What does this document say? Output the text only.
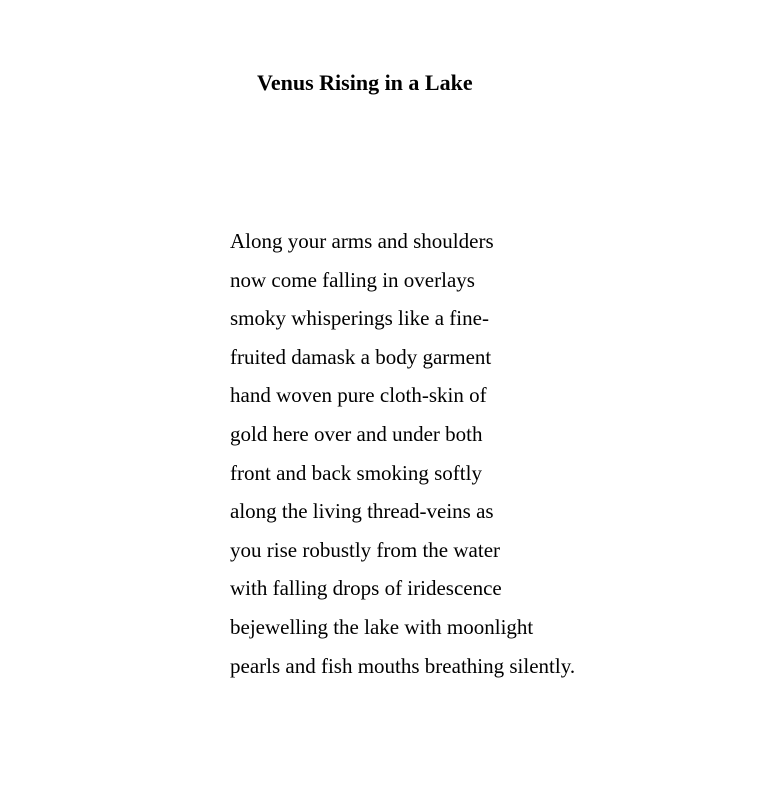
Venus Rising in a Lake
Along your arms and shoulders
now come falling in overlays
smoky whisperings like a fine-
fruited damask a body garment
hand woven pure cloth-skin of
gold here over and under both
front and back smoking softly
along the living thread-veins as
you rise robustly from the water
with falling drops of iridescence
bejewelling the lake with moonlight
pearls and fish mouths breathing silently.
